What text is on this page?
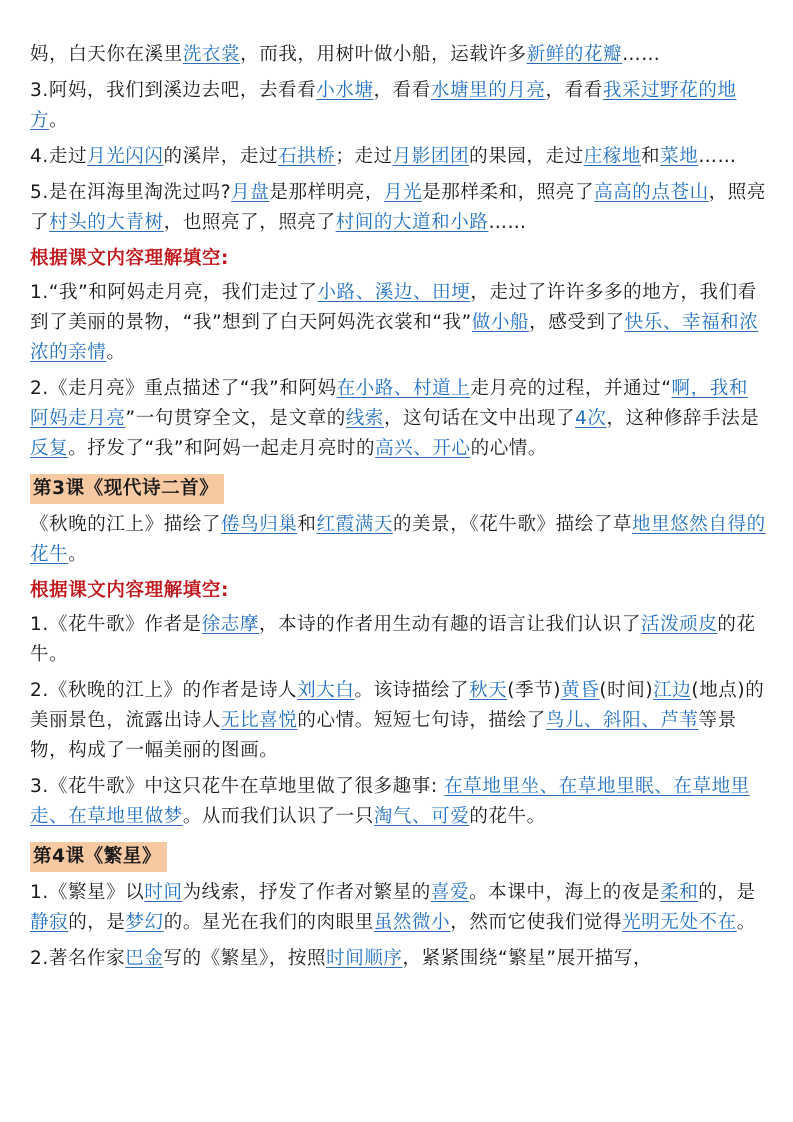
妈，白天你在溪里洗衣裳，而我，用树叶做小船，运载许多新鲜的花瓣……

3.阿妈，我们到溪边去吧，去看看小水塘，看看水塘里的月亮，看看我采过野花的地方。

4.走过月光闪闪的溪岸，走过石拱桥；走过月影团团的果园，走过庄稼地和菜地……

5.是在洱海里淘洗过吗?月盘是那样明亮，月光是那样柔和，照亮了高高的点苍山，照亮了村头的大青树，也照亮了，照亮了村间的大道和小路……

根据课文内容理解填空:

1.“我”和阿妈走月亮，我们走过了小路、溪边、田埂，走过了许许多多的地方，我们看到了美丽的景物，“我”想到了白天阿妈洗衣裳和“我”做小船，感受到了快乐、幸福和浓浓的亲情。

2.《走月亮》重点描述了“我”和阿妈在小路、村道上走月亮的过程，并通过“啊，我和阿妈走月亮”一句贯穿全文，是文章的线索，这句话在文中出现了4次，这种修辞手法是反复。抒发了“我”和阿妈一起走月亮时的高兴、开心的心情。

第3课《现代诗二首》

《秋晚的江上》描绘了倦鸟归巢和红霞满天的美景，《花牛歌》描绘了草地里悠然自得的花牛。

根据课文内容理解填空:

1.《花牛歌》作者是徐志摩，本诗的作者用生动有趣的语言让我们认识了活泼顽皮的花牛。

2.《秋晚的江上》的作者是诗人刘大白。该诗描绘了秋天(季节)黄昏(时间)江边(地点)的美丽景色，流露出诗人无比喜悦的心情。短短七句诗，描绘了鸟儿、斜阳、芦苇等景物，构成了一幅美丽的图画。

3.《花牛歌》中这只花牛在草地里做了很多趣事: 在草地里坐、在草地里眠、在草地里走、在草地里做梦。从而我们认识了一只淘气、可爱的花牛。

第4课《繁星》

1.《繁星》以时间为线索，抒发了作者对繁星的喜爱。本课中，海上的夜是柔和的，是静寂的，是梦幻的。星光在我们的肉眼里虽然微小，然而它使我们觉得光明无处不在。

2.著名作家巴金写的《繁星》，按照时间顺序，紧紧围绕“繁星”展开描写，
